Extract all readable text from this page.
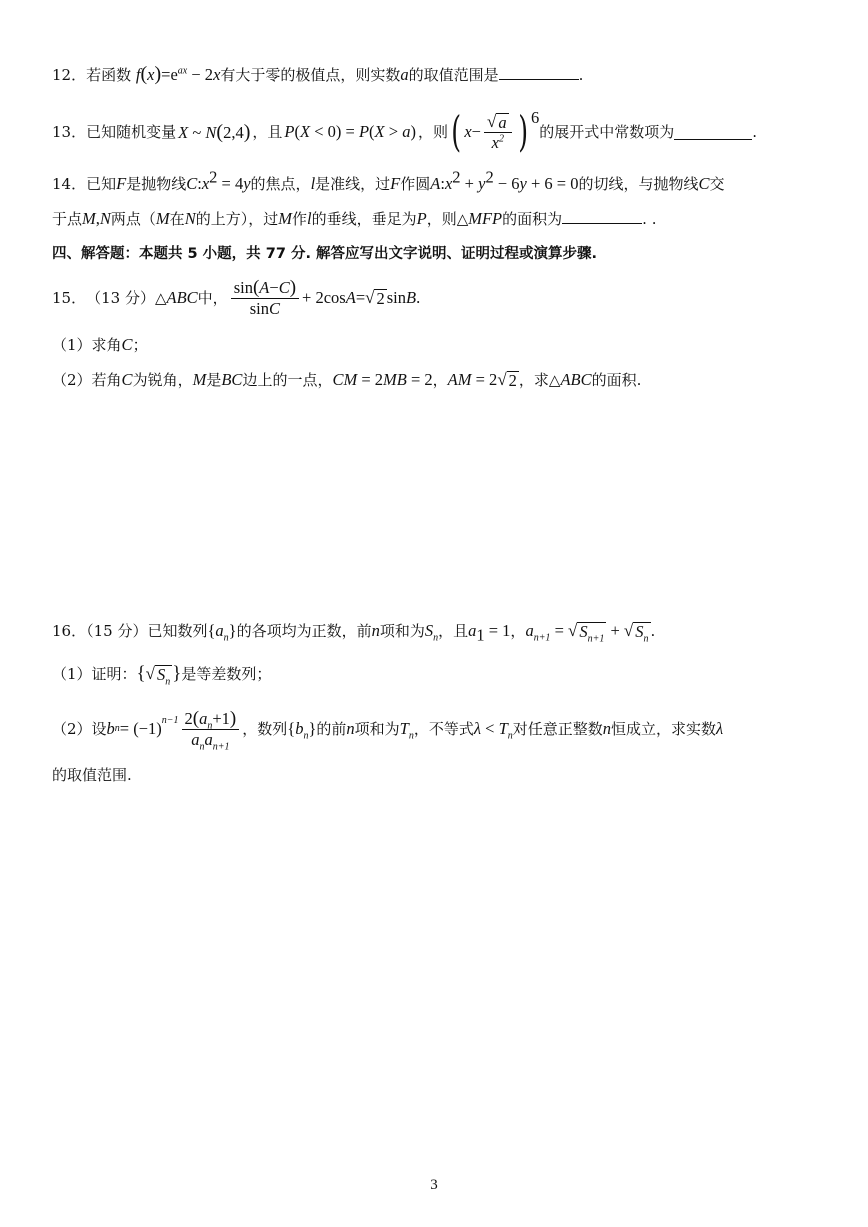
12．若函数 $f(x)=e^{ax} - 2x$有大于零的极值点，则实数a的取值范围是	.
13． 已知随机变量 X ~ N(2,4) ，且 P(X < 0) = P(X > a) ，则 ( $x - \frac{√ a}{x^2} )^6$
的展开式中常数项为	.
14．已知F是抛物线$C:x^2 = 4y$的焦点，l是准线，过F作圆$A:x^2 + y^2 - 6y + 6 = 0$的切线，与抛物线C交
于点M,N两点（M在N的上方），过M作l的垂线，垂足为P，则△MFP的面积为	. .
四、解答题：本题共 5 小题，共 77 分. 解答应写出文字说明、证明过程或演算步骤.
15． （13 分） △ ABC 中， $\frac{\sin(A-C)}{\sin C} + 2\cos$ A = √ 2 sin B .
（1）求角C；
（2）若角C为锐角，M是BC边上的一点，CM = 2MB = 2，AM = 2 √ 2 ，求△ABC的面积.
16．（15 分）已知数列$\{a_n\}$的各项均为正数，前n项和为$S_n$，且$a_1 = 1$，$a_{n+1}$ = √ $S_{n+1}$ + √ $S_n$ .
（1）证明：{ √ $S_n$ }是等差数列；
（2）设 b $n = (-1)^{n-1} \frac{2(a_n+1)}{a_na_{n+1}}$ ，数列 $\{b_n\}$ 的前 n 项和为 $T_n$ ，不等式 $\lambda < T_n$ 对任意正整数 n 恒成立，求实数 λ
的取值范围.
3
